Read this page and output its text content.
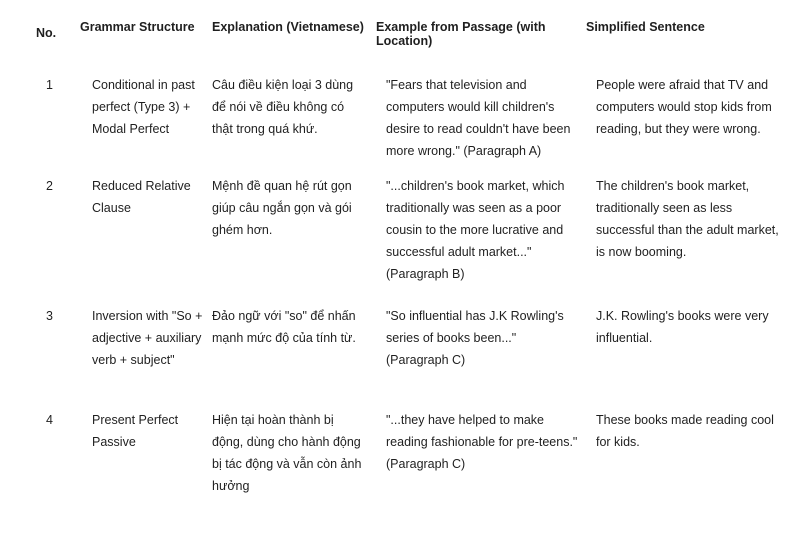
No.	Grammar Structure	Explanation (Vietnamese)	Example from Passage (with Location)	Simplified Sentence
1	Conditional in past perfect (Type 3) + Modal Perfect	Câu điều kiện loại 3 dùng để nói về điều không có thật trong quá khứ.	"Fears that television and computers would kill children's desire to read couldn't have been more wrong." (Paragraph A)	People were afraid that TV and computers would stop kids from reading, but they were wrong.
2	Reduced Relative Clause	Mệnh đề quan hệ rút gọn giúp câu ngắn gọn và gói ghém hơn.	"...children's book market, which traditionally was seen as a poor cousin to the more lucrative and successful adult market..." (Paragraph B)	The children's book market, traditionally seen as less successful than the adult market, is now booming.
3	Inversion with "So + adjective + auxiliary verb + subject"	Đảo ngữ với "so" để nhấn mạnh mức độ của tính từ.	"So influential has J.K Rowling's series of books been..." (Paragraph C)	J.K. Rowling's books were very influential.
4	Present Perfect Passive	Hiện tại hoàn thành bị động, dùng cho hành động bị tác động và vẫn còn ảnh hưởng	"...they have helped to make reading fashionable for pre-teens." (Paragraph C)	These books made reading cool for kids.
